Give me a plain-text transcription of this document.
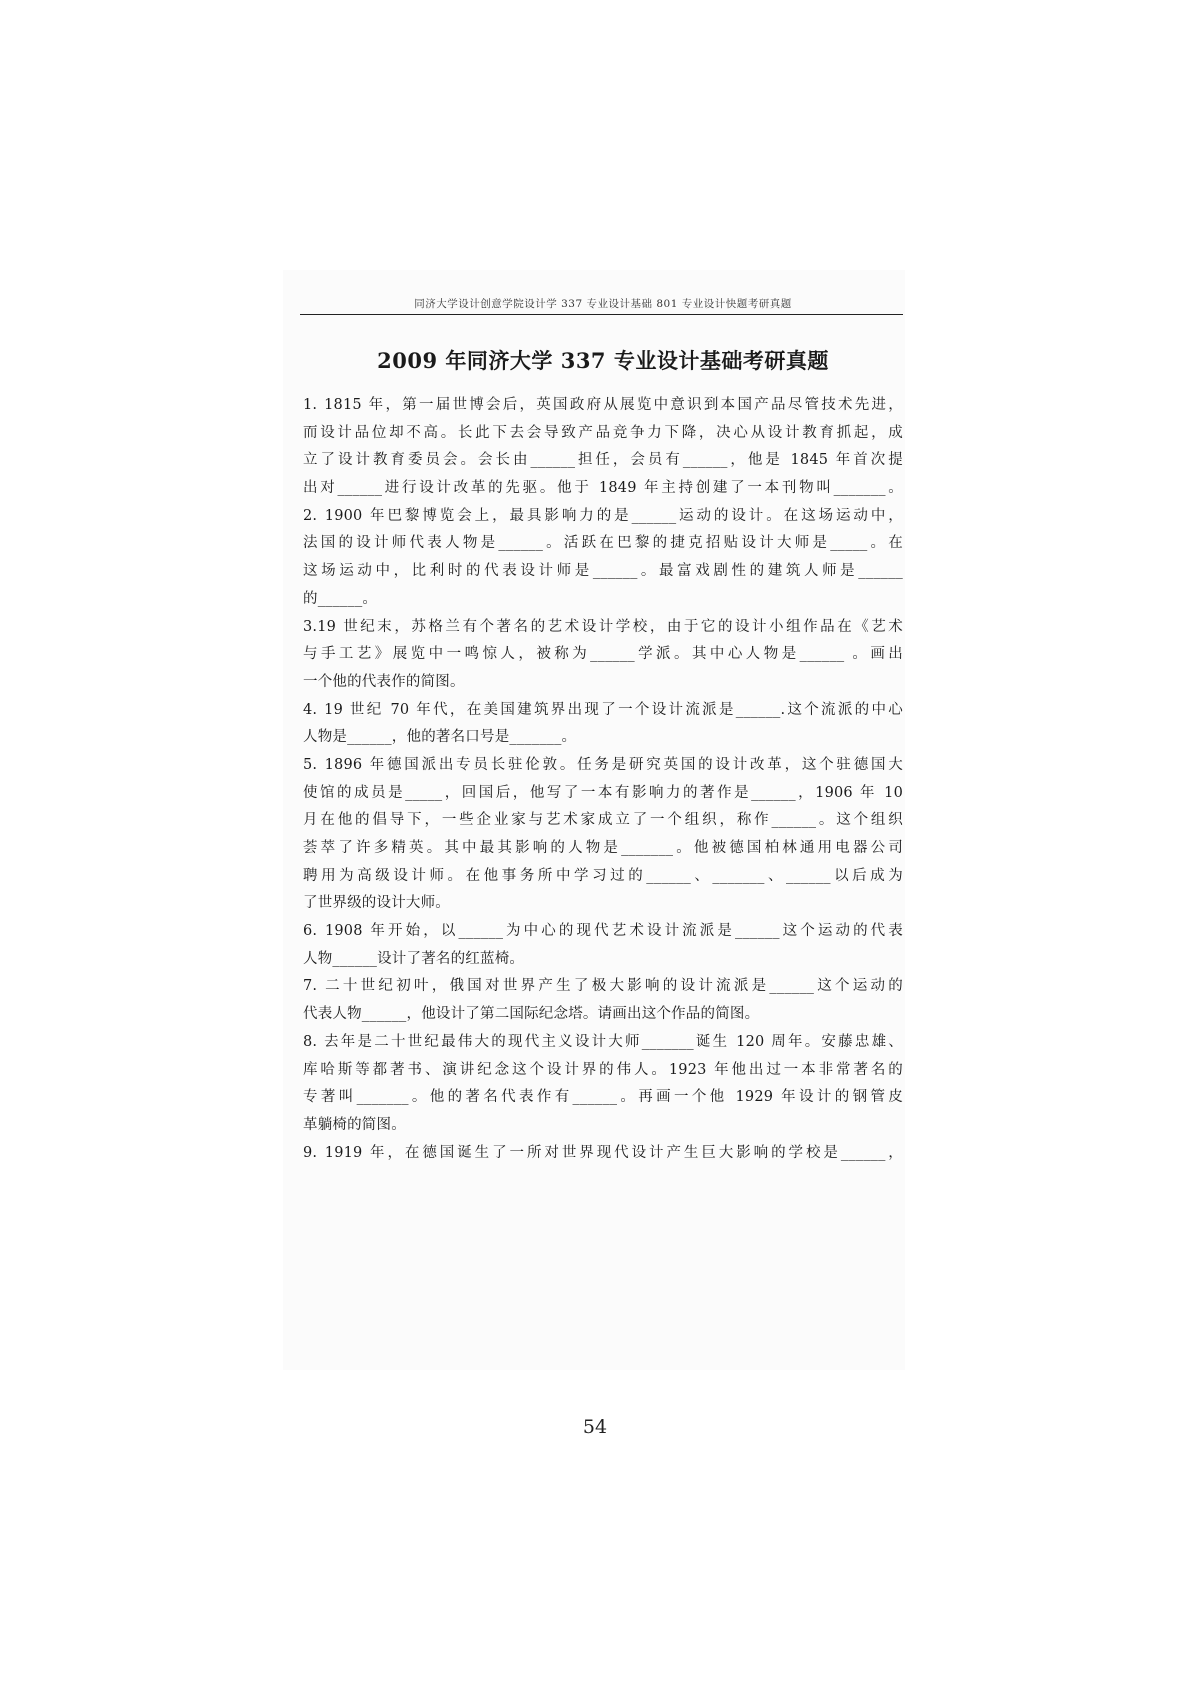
同济大学设计创意学院设计学 337 专业设计基础 801 专业设计快题考研真题
2009 年同济大学 337 专业设计基础考研真题
1. 1815 年，第一届世博会后，英国政府从展览中意识到本国产品尽管技术先进，
而设计品位却不高。长此下去会导致产品竞争力下降，决心从设计教育抓起，成
立了设计教育委员会。会长由______担任，会员有______，他是 1845 年首次提
出对______进行设计改革的先驱。他于 1849 年主持创建了一本刊物叫_______。
2. 1900 年巴黎博览会上，最具影响力的是______运动的设计。在这场运动中，
法国的设计师代表人物是______。活跃在巴黎的捷克招贴设计大师是_____。在
这场运动中，比利时的代表设计师是______。最富戏剧性的建筑人师是______
的______。
3.19 世纪末，苏格兰有个著名的艺术设计学校，由于它的设计小组作品在《艺术
与手工艺》展览中一鸣惊人，被称为______学派。其中心人物是______ 。画出
一个他的代表作的简图。
4. 19 世纪 70 年代，在美国建筑界出现了一个设计流派是______.这个流派的中心
人物是______，他的著名口号是_______。
5. 1896 年德国派出专员长驻伦敦。任务是研究英国的设计改革，这个驻德国大
使馆的成员是_____，回国后，他写了一本有影响力的著作是______，1906 年 10
月在他的倡导下，一些企业家与艺术家成立了一个组织，称作______。这个组织
荟萃了许多精英。其中最其影响的人物是_______。他被德国柏林通用电器公司
聘用为高级设计师。在他事务所中学习过的______、_______、______以后成为
了世界级的设计大师。
6. 1908 年开始，以______为中心的现代艺术设计流派是______这个运动的代表
人物______设计了著名的红蓝椅。
7. 二十世纪初叶，俄国对世界产生了极大影响的设计流派是______这个运动的
代表人物______，他设计了第二国际纪念塔。请画出这个作品的简图。
8. 去年是二十世纪最伟大的现代主义设计大师_______诞生 120 周年。安藤忠雄、
库哈斯等都著书、演讲纪念这个设计界的伟人。1923 年他出过一本非常著名的
专著叫_______。他的著名代表作有______。再画一个他 1929 年设计的钢管皮
革躺椅的简图。
9. 1919 年，在德国诞生了一所对世界现代设计产生巨大影响的学校是______，
54
